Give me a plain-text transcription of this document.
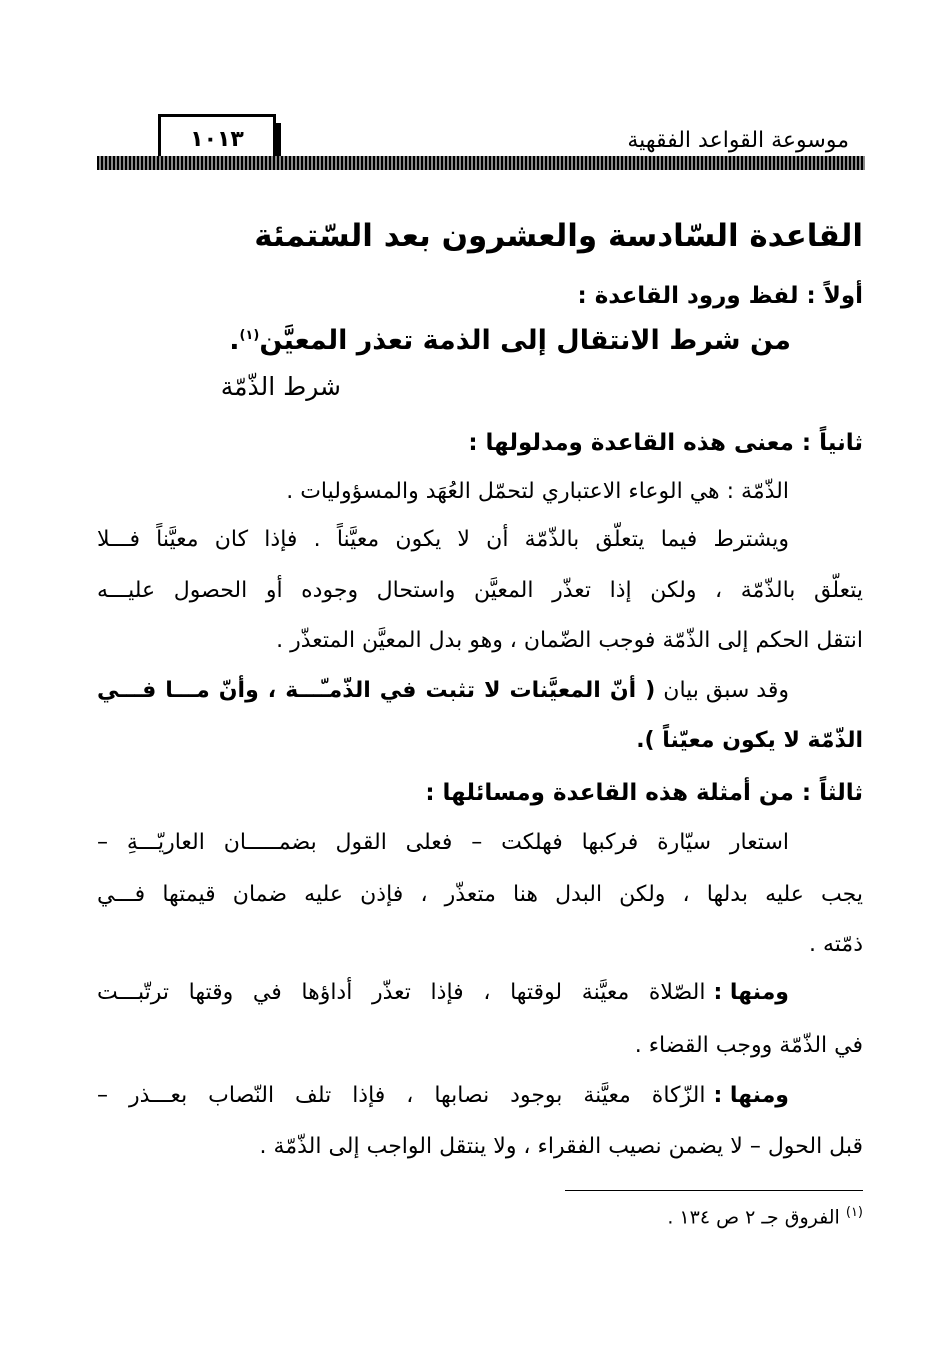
موسوعة القواعد الفقهية
١٠١٣
القاعدة السّادسة والعشرون بعد السّتمئة
أولاً : لفظ ورود القاعدة :
من شرط الانتقال إلى الذمة تعذر المعيَّن$^{(١)}$.
شرط الذّمّة
ثانياً : معنى هذه القاعدة ومدلولها :
الذّمّة : هي الوعاء الاعتباري لتحمّل العُهَد والمسؤوليات .
ويشترط فيما يتعلّق بالذّمّة أن لا يكون معيَّناً . فإذا كان معيَّناً فـــلا
يتعلّق بالذّمّة ، ولكن إذا تعذّر المعيَّن واستحال وجوده أو الحصول عليـــه
انتقل الحكم إلى الذّمّة فوجب الضّمان ، وهو بدل المعيَّن المتعذّر .
وقد سبق بيان
( أنّ المعيَّنات لا تثبت في الذّمـّـــة ، وأنّ مـــا فـــي
الذّمّة لا يكون معيّناً ).
ثالثاً : من أمثلة هذه القاعدة ومسائلها :
استعار سيّارة فركبها فهلكت – فعلى القول بضمـــــان العاريّـــةِ –
يجب عليه بدلها ، ولكن البدل هنا متعذّر ، فإذن عليه ضمان قيمتها فـــي
ذمّته .
ومنها :
الصّلاة معيَّنة لوقتها ، فإذا تعذّر أداؤها في وقتها ترتّبـــت
في الذّمّة ووجب القضاء .
ومنها :
الزّكاة معيَّنة بوجود نصابها ، فإذا تلف النّصاب بعـــذر –
قبل الحول – لا يضمن نصيب الفقراء ، ولا ينتقل الواجب إلى الذّمّة .
$^{(١)}$ الفروق جـ ٢ ص ١٣٤ .
